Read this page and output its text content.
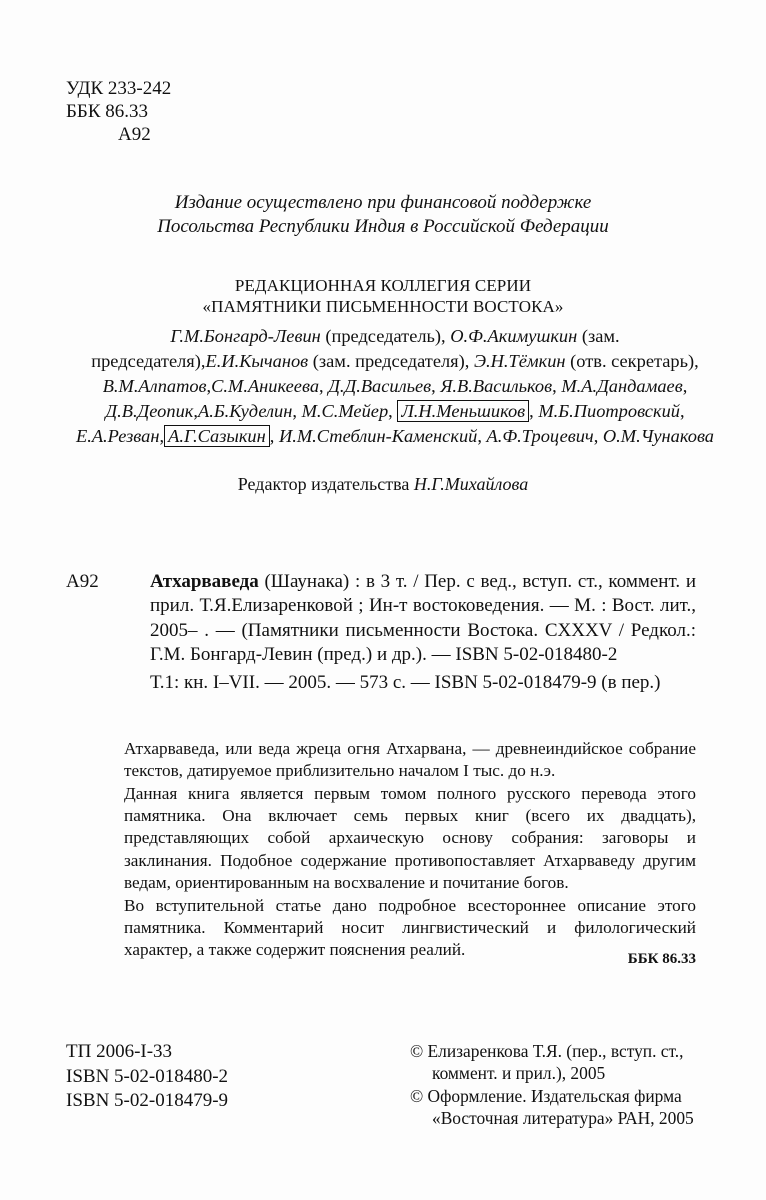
УДК 233-242
ББК 86.33
А92
Издание осуществлено при финансовой поддержке
Посольства Республики Индия в Российской Федерации
РЕДАКЦИОННАЯ КОЛЛЕГИЯ СЕРИИ
«ПАМЯТНИКИ ПИСЬМЕННОСТИ ВОСТОКА»
Г.М.Бонгард-Левин (председатель), О.Ф.Акимушкин (зам. председателя),Е.И.Кычанов (зам. председателя), Э.Н.Тёмкин (отв. секретарь), В.М.Алпатов,С.М.Аникеева, Д.Д.Васильев, Я.В.Васильков, М.А.Дандамаев, Д.В.Деопик,А.Б.Куделин, М.С.Мейер, Л.Н.Меньшиков , М.Б.Пиотровский, Е.А.Резван, А.Г.Сазыкин , И.М.Стеблин-Каменский, А.Ф.Троцевич, О.М.Чунакова
Редактор издательства Н.Г.Михайлова
А92	Атхарваведа (Шаунака) : в 3 т. / Пер. с вед., вступ. ст., коммент. и прил. Т.Я.Елизаренковой ; Ин-т востоковедения. — М. : Вост. лит., 2005– . — (Памятники письменности Востока. CXXXV / Редкол.: Г.М. Бонгард-Левин (пред.) и др.). — ISBN 5-02-018480-2

Т.1: кн. I–VII. — 2005. — 573 с. — ISBN 5-02-018479-9 (в пер.)

Атхарваведа, или веда жреца огня Атхарвана, — древнеиндийское собрание текстов, датируемое приблизительно началом I тыс. до н.э.

Данная книга является первым томом полного русского перевода этого памятника. Она включает семь первых книг (всего их двадцать), представляющих собой архаическую основу собрания: заговоры и заклинания. Подобное содержание противопоставляет Атхарваведу другим ведам, ориентированным на восхваление и почитание богов.

Во вступительной статье дано подробное всестороннее описание этого памятника. Комментарий носит лингвистический и филологический характер, а также содержит пояснения реалий.	ББК 86.33
ТП 2006-I-33
ISBN 5-02-018480-2
ISBN 5-02-018479-9
© Елизаренкова Т.Я. (пер., вступ. ст.,
коммент. и прил.), 2005
© Оформление. Издательская фирма
«Восточная литература» РАН, 2005
